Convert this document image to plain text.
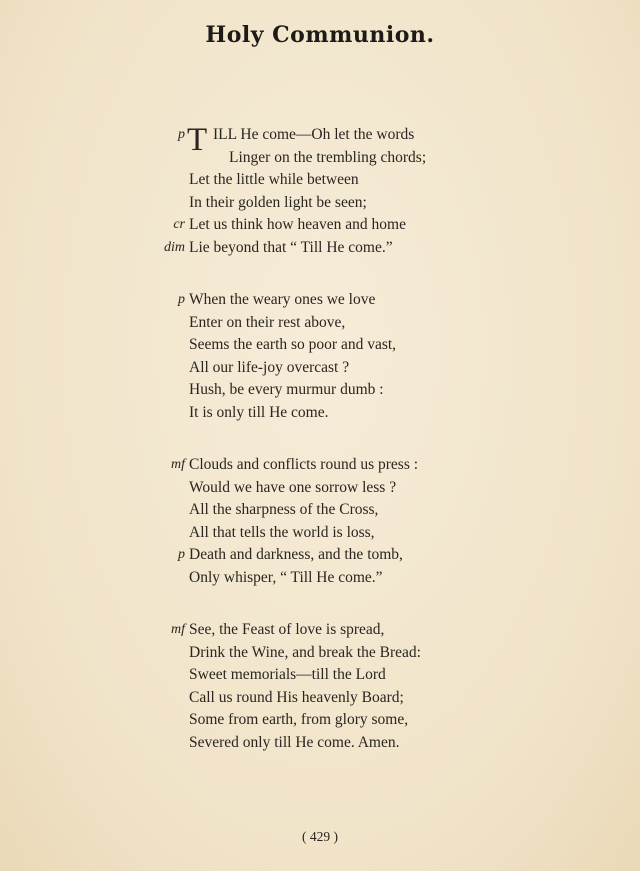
Holy Communion.
p T ILL He come—Oh let the words
Linger on the trembling chords;
Let the little while between
In their golden light be seen;
cr Let us think how heaven and home
dim Lie beyond that “ Till He come.”
p When the weary ones we love
Enter on their rest above,
Seems the earth so poor and vast,
All our life-joy overcast ?
Hush, be every murmur dumb :
It is only till He come.
mf Clouds and conflicts round us press :
Would we have one sorrow less ?
All the sharpness of the Cross,
All that tells the world is loss,
p Death and darkness, and the tomb,
Only whisper, “ Till He come.”
mf See, the Feast of love is spread,
Drink the Wine, and break the Bread:
Sweet memorials—till the Lord
Call us round His heavenly Board;
Some from earth, from glory some,
Severed only till He come. Amen.
( 429 )
